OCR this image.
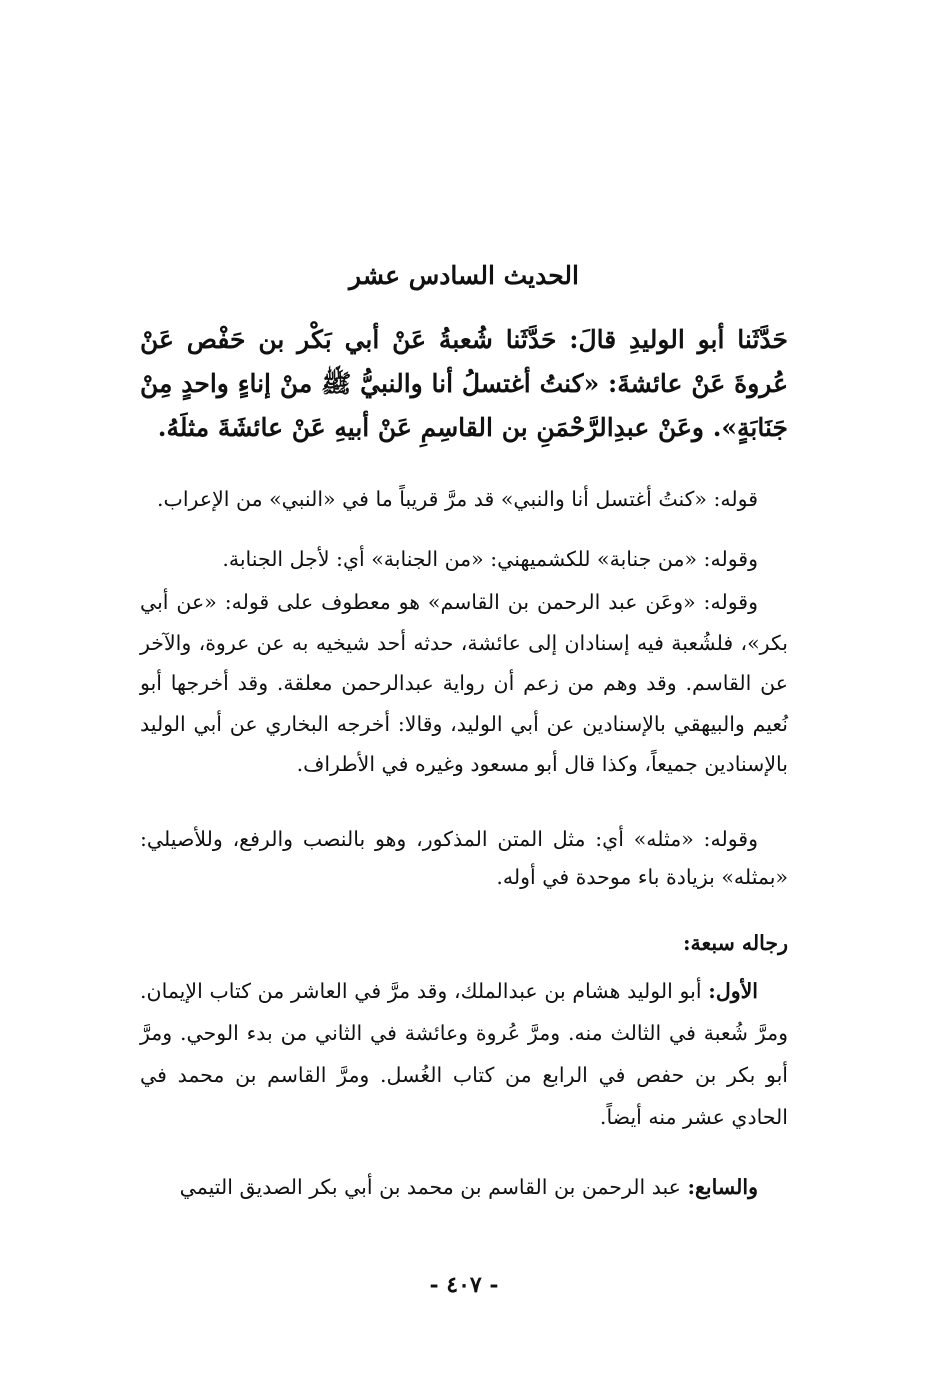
الحديث السادس عشر
حَدَّثَنا أبو الوليدِ قالَ: حَدَّثَنا شُعبةُ عَنْ أبي بَكْر بن حَفْص عَنْ عُروةَ عَنْ عائشةَ: «كنتُ أغتسلُ أنا والنبيُّ ﷺ منْ إناءٍ واحدٍ مِنْ جَنَابَةٍ». وعَنْ عبدِالرَّحْمَنِ بن القاسِمِ عَنْ أبيهِ عَنْ عائشَةَ مثلَهُ.
قوله: «كنتُ أغتسل أنا والنبي» قد مرَّ قريباً ما في «النبي» من الإعراب.
وقوله: «من جنابة» للكشميهني: «من الجنابة» أي: لأجل الجنابة.
وقوله: «وعَن عبد الرحمن بن القاسم» هو معطوف على قوله: «عن أبي بكر»، فلشُعبة فيه إسنادان إلى عائشة، حدثه أحد شيخيه به عن عروة، والآخر عن القاسم. وقد وهم من زعم أن رواية عبدالرحمن معلقة. وقد أخرجها أبو نُعيم والبيهقي بالإسنادين عن أبي الوليد، وقالا: أخرجه البخاري عن أبي الوليد بالإسنادين جميعاً، وكذا قال أبو مسعود وغيره في الأطراف.
وقوله: «مثله» أي: مثل المتن المذكور، وهو بالنصب والرفع، وللأصيلي: «بمثله» بزيادة باء موحدة في أوله.
رجاله سبعة:
الأول: أبو الوليد هشام بن عبدالملك، وقد مرَّ في العاشر من كتاب الإيمان. ومرَّ شُعبة في الثالث منه. ومرَّ عُروة وعائشة في الثاني من بدء الوحي. ومرَّ أبو بكر بن حفص في الرابع من كتاب الغُسل. ومرَّ القاسم بن محمد في الحادي عشر منه أيضاً.
والسابع: عبد الرحمن بن القاسم بن محمد بن أبي بكر الصديق التيمي
- ٤٠٧ -
